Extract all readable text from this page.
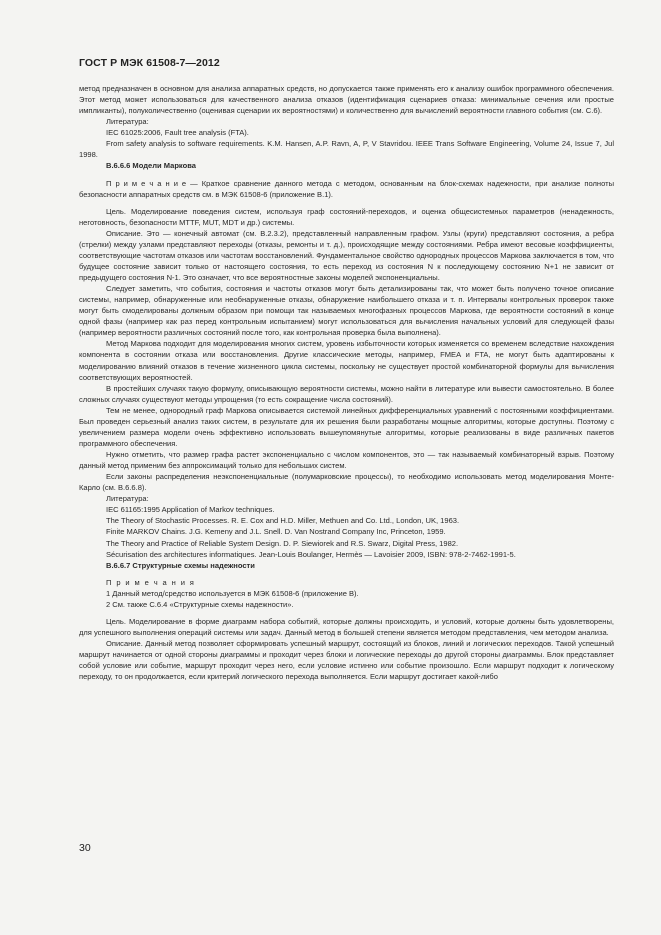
ГОСТ Р МЭК 61508-7—2012

метод предназначен в основном для анализа аппаратных средств, но допускается также применять его к анализу ошибок программного обеспечения. Этот метод может использоваться для качественного анализа отказов (идентификация сценариев отказа: минимальные сечения или простые импликанты), полуколичественно (оценивая сценарии их вероятностями) и количественно для вычислений вероятности главного события (см. С.6).

Литература:

IEC 61025:2006, Fault tree analysis (FTA).

From safety analysis to software requirements. K.M. Hansen, A.P. Ravn, A, P, V Stavridou. IEEE Trans Software Engineering, Volume 24, Issue 7, Jul 1998.

В.6.6.6 Модели Маркова

П р и м е ч а н и е — Краткое сравнение данного метода с методом, основанным на блок-схемах надежности, при анализе полноты безопасности аппаратных средств см. в МЭК 61508-6 (приложение В.1).

Цель. Моделирование поведения систем, используя граф состояний-переходов, и оценка общесистемных параметров (ненадежность, неготовность, безопасности MTTF, MUT, MDT и др.) системы.

Описание. Это — конечный автомат (см. В.2.3.2), представленный направленным графом. Узлы (круги) представляют состояния, а ребра (стрелки) между узлами представляют переходы (отказы, ремонты и т. д.), происходящие между состояниями. Ребра имеют весовые коэффициенты, соответствующие частотам отказов или частотам восстановлений. Фундаментальное свойство однородных процессов Маркова заключается в том, что будущее состояние зависит только от настоящего состояния, то есть переход из состояния N к последующему состоянию N+1 не зависит от предыдущего состояния N-1. Это означает, что все вероятностные законы моделей экспоненциальны.

Следует заметить, что события, состояния и частоты отказов могут быть детализированы так, что может быть получено точное описание системы, например, обнаруженные или необнаруженные отказы, обнаружение наибольшего отказа и т. п. Интервалы контрольных проверок также могут быть смоделированы должным образом при помощи так называемых многофазных процессов Маркова, где вероятности состояний в конце одной фазы (например как раз перед контрольным испытанием) могут использоваться для вычисления начальных условий для следующей фазы (например вероятности различных состояний после того, как контрольная проверка была выполнена).

Метод Маркова подходит для моделирования многих систем, уровень избыточности которых изменяется со временем вследствие нахождения компонента в состоянии отказа или восстановления. Другие классические методы, например, FMEA и FTA, не могут быть адаптированы к моделированию влияний отказов в течение жизненного цикла системы, поскольку не существует простой комбинаторной формулы для вычисления соответствующих вероятностей.

В простейших случаях такую формулу, описывающую вероятности системы, можно найти в литературе или вывести самостоятельно. В более сложных случаях существуют методы упрощения (то есть сокращение числа состояний).

Тем не менее, однородный граф Маркова описывается системой линейных дифференциальных уравнений с постоянными коэффициентами. Был проведен серьезный анализ таких систем, в результате для их решения были разработаны мощные алгоритмы, которые доступны. Поэтому с увеличением размера модели очень эффективно использовать вышеупомянутые алгоритмы, которые реализованы в виде различных пакетов программного обеспечения.

Нужно отметить, что размер графа растет экспоненциально с числом компонентов, это — так называемый комбинаторный взрыв. Поэтому данный метод применим без аппроксимаций только для небольших систем.

Если законы распределения неэкспоненциальные (полумарковские процессы), то необходимо использовать метод моделирования Монте-Карло (см. В.6.6.8).

Литература:

IEC 61165:1995 Application of Markov techniques.

The Theory of Stochastic Processes. R. E. Cox and H.D. Miller, Methuen and Co. Ltd., London, UK, 1963.

Finite MARKOV Chains. J.G. Kemeny and J.L. Snell. D. Van Nostrand Company Inc, Princeton, 1959.

The Theory and Practice of Reliable System Design. D. P. Siewiorek and R.S. Swarz, Digital Press, 1982.

Sécurisation des architectures informatiques. Jean-Louis Boulanger, Hermès — Lavoisier 2009, ISBN: 978-2-7462-1991-5.

В.6.6.7 Структурные схемы надежности

П р и м е ч а н и я

1 Данный метод/средство используется в МЭК 61508-6 (приложение В).

2 См. также С.6.4 «Структурные схемы надежности».

Цель. Моделирование в форме диаграмм набора событий, которые должны происходить, и условий, которые должны быть удовлетворены, для успешного выполнения операций системы или задач. Данный метод в большей степени является методом представления, чем методом анализа.

Описание. Данный метод позволяет сформировать успешный маршрут, состоящий из блоков, линий и логических переходов. Такой успешный маршрут начинается от одной стороны диаграммы и проходит через блоки и логические переходы до другой стороны диаграммы. Блок представляет собой условие или событие, маршрут проходит через него, если условие истинно или событие произошло. Если маршрут подходит к логическому переходу, то он продолжается, если критерий логического перехода выполняется. Если маршрут достигает какой-либо

30
